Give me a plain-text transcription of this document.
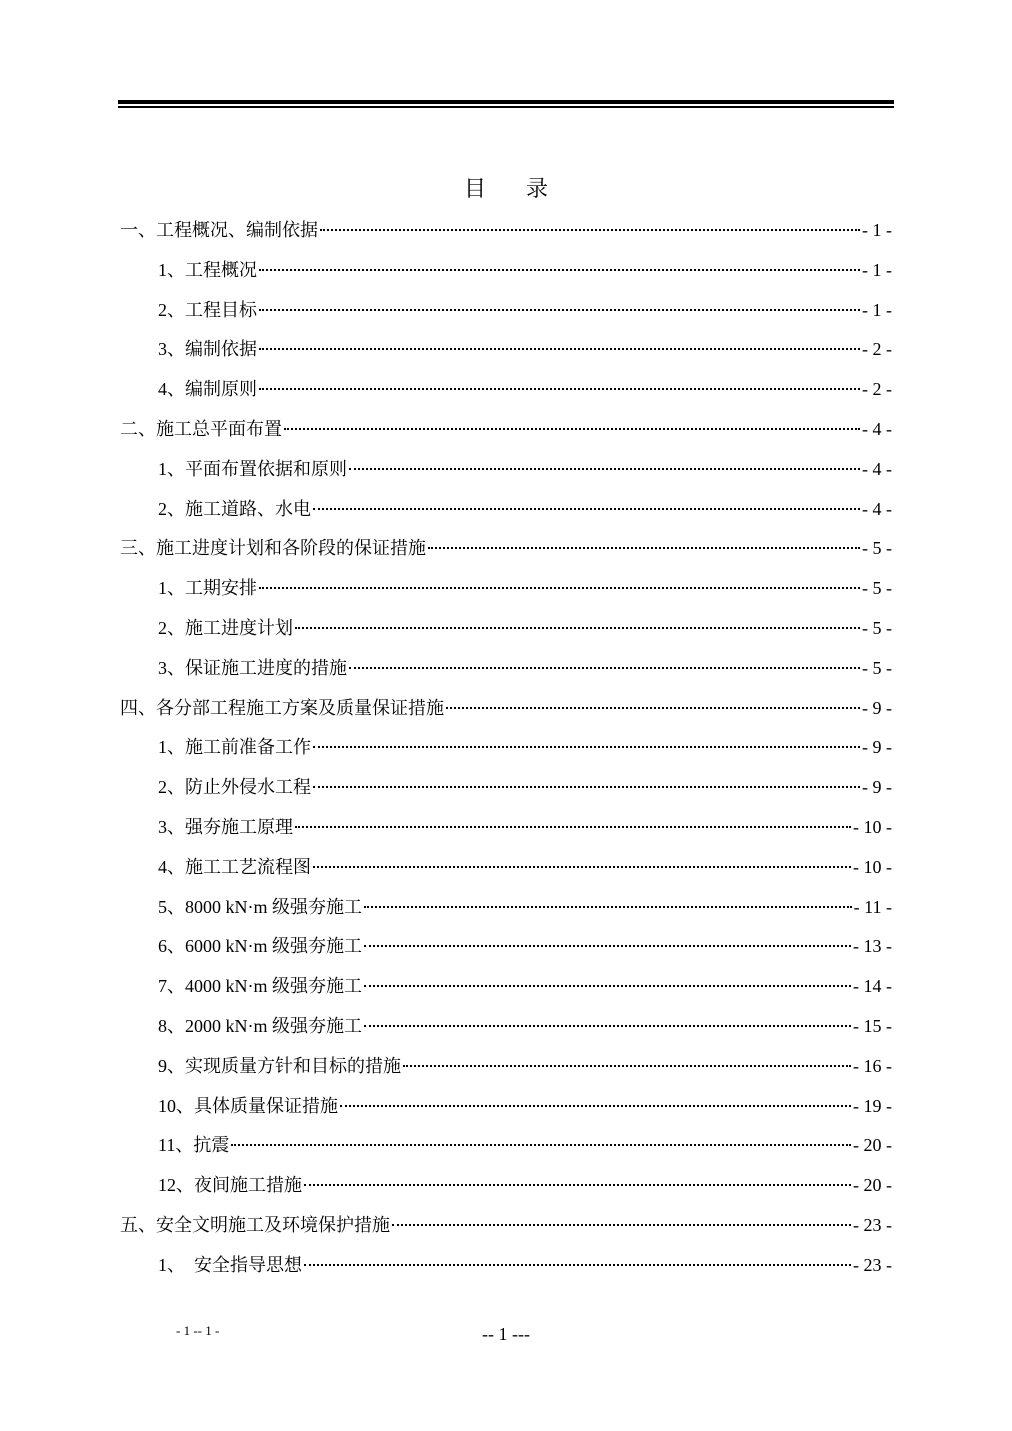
目录
一、工程概况、编制依据	- 1 -
1、工程概况	- 1 -
2、工程目标	- 1 -
3、编制依据	- 2 -
4、编制原则	- 2 -
二、施工总平面布置	- 4 -
1、平面布置依据和原则	- 4 -
2、施工道路、水电	- 4 -
三、施工进度计划和各阶段的保证措施	- 5 -
1、工期安排	- 5 -
2、施工进度计划	- 5 -
3、保证施工进度的措施	- 5 -
四、各分部工程施工方案及质量保证措施	- 9 -
1、施工前准备工作	- 9 -
2、防止外侵水工程	- 9 -
3、强夯施工原理	- 10 -
4、施工工艺流程图	- 10 -
5、8000 kN·m 级强夯施工	- 11 -
6、6000 kN·m 级强夯施工	- 13 -
7、4000 kN·m 级强夯施工	- 14 -
8、2000 kN·m 级强夯施工	- 15 -
9、实现质量方针和目标的措施	- 16 -
10、具体质量保证措施	- 19 -
11、抗震	- 20 -
12、夜间施工措施	- 20 -
五、安全文明施工及环境保护措施	- 23 -
1、　安全指导思想	- 23 -
- 1 -- 1 -	-- 1 ---
